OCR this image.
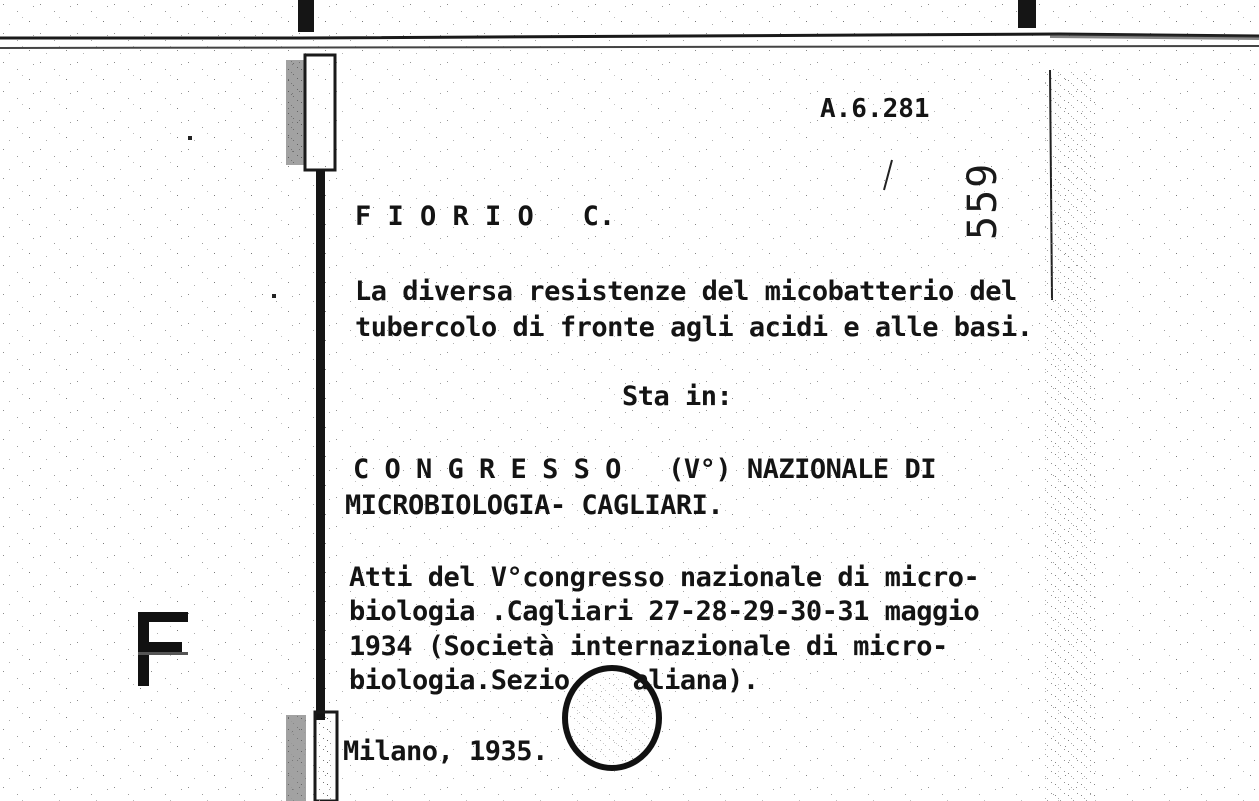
A.6.281
559
F I O R I O   C.
La diversa resistenze del micobatterio del
tubercolo di fronte agli acidi e alle basi.
Sta in:
C O N G R E S S O   (V°) NAZIONALE DI
MICROBIOLOGIA- CAGLIARI.
Atti del V°congresso nazionale di micro-
biologia .Cagliari 27-28-29-30-31 maggio
1934 (Società internazionale di micro-
biologia.Sezio    aliana).
Milano, 1935.
